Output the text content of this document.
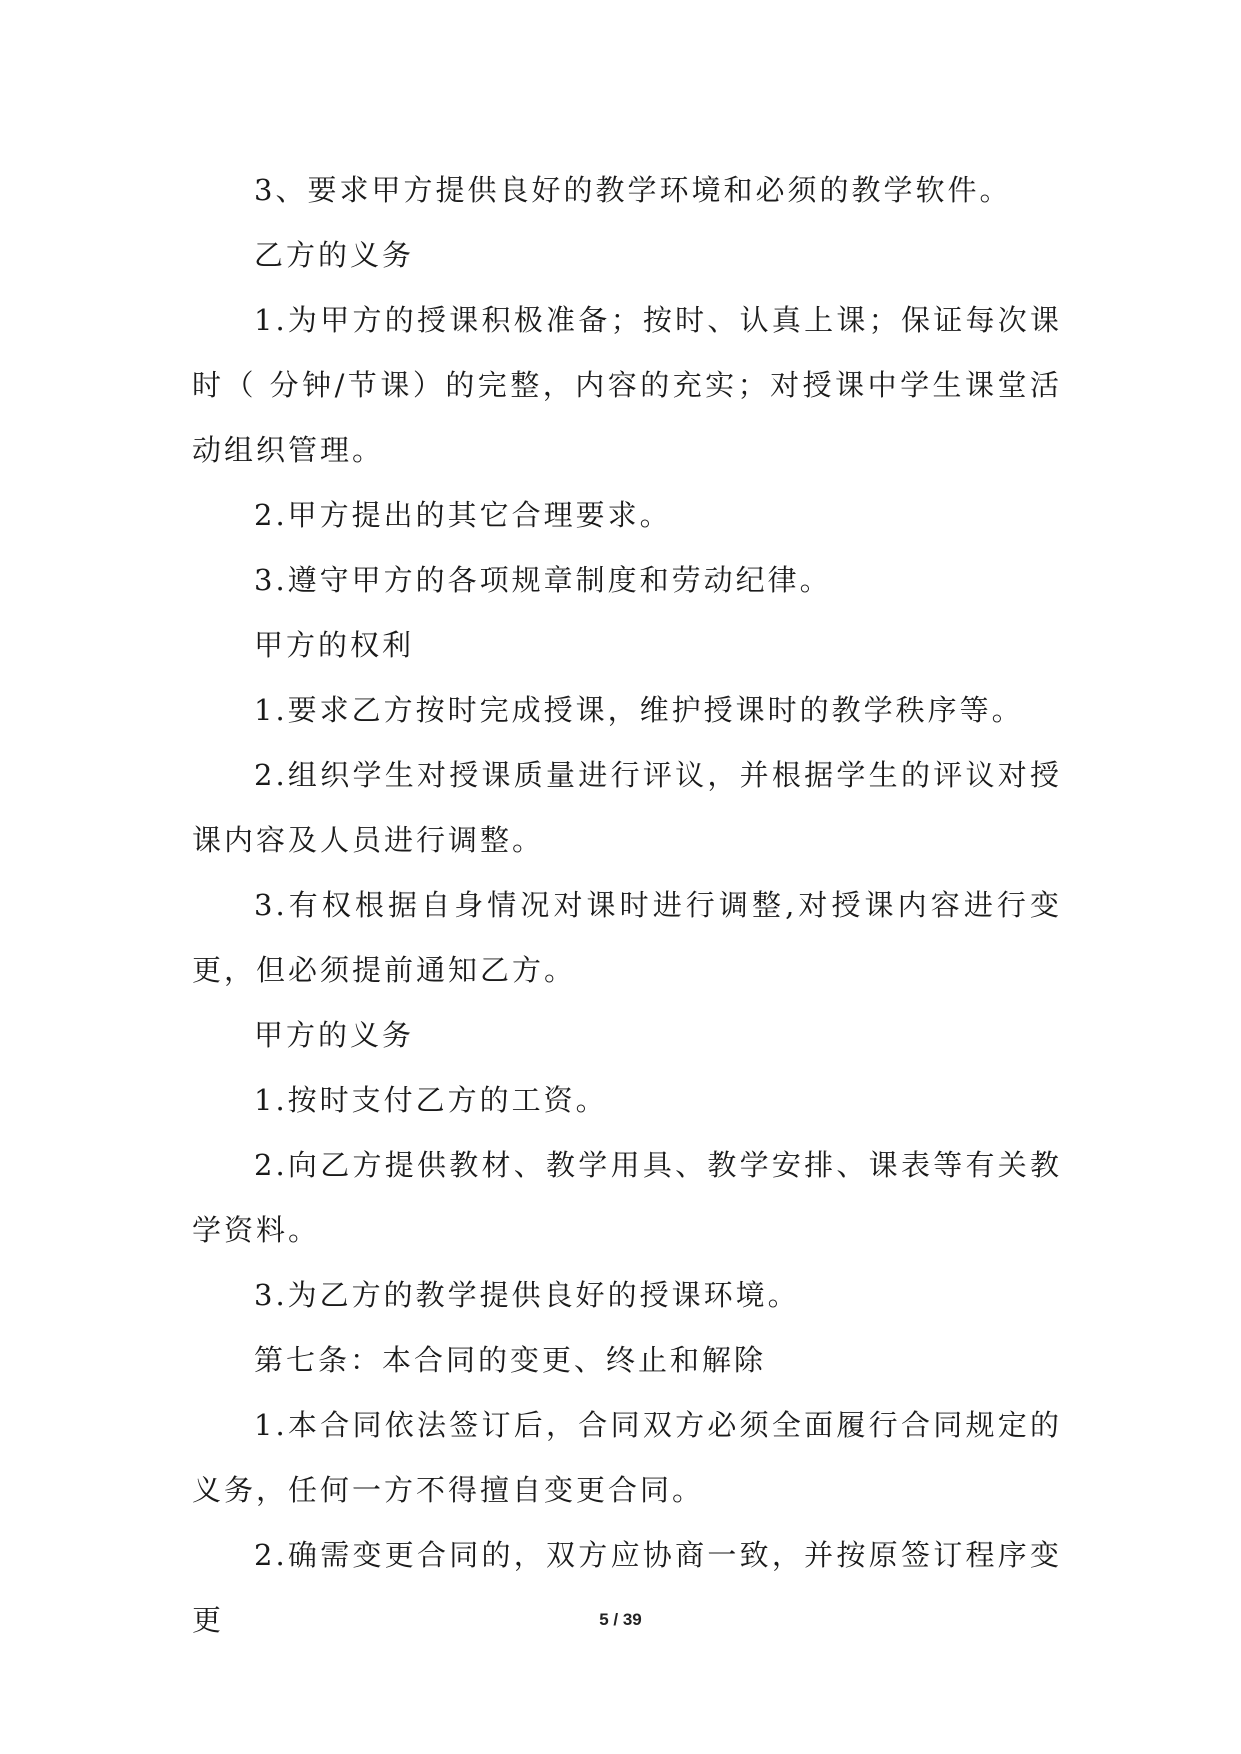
3、要求甲方提供良好的教学环境和必须的教学软件。

乙方的义务

1.为甲方的授课积极准备；按时、认真上课；保证每次课时（ 分钟/节课）的完整，内容的充实；对授课中学生课堂活动组织管理。

2.甲方提出的其它合理要求。

3.遵守甲方的各项规章制度和劳动纪律。

甲方的权利

1.要求乙方按时完成授课，维护授课时的教学秩序等。

2.组织学生对授课质量进行评议，并根据学生的评议对授课内容及人员进行调整。

3.有权根据自身情况对课时进行调整,对授课内容进行变更，但必须提前通知乙方。

甲方的义务

1.按时支付乙方的工资。

2.向乙方提供教材、教学用具、教学安排、课表等有关教学资料。

3.为乙方的教学提供良好的授课环境。

第七条：本合同的变更、终止和解除

1.本合同依法签订后，合同双方必须全面履行合同规定的义务，任何一方不得擅自变更合同。

2.确需变更合同的，双方应协商一致，并按原签订程序变更	5 / 39
